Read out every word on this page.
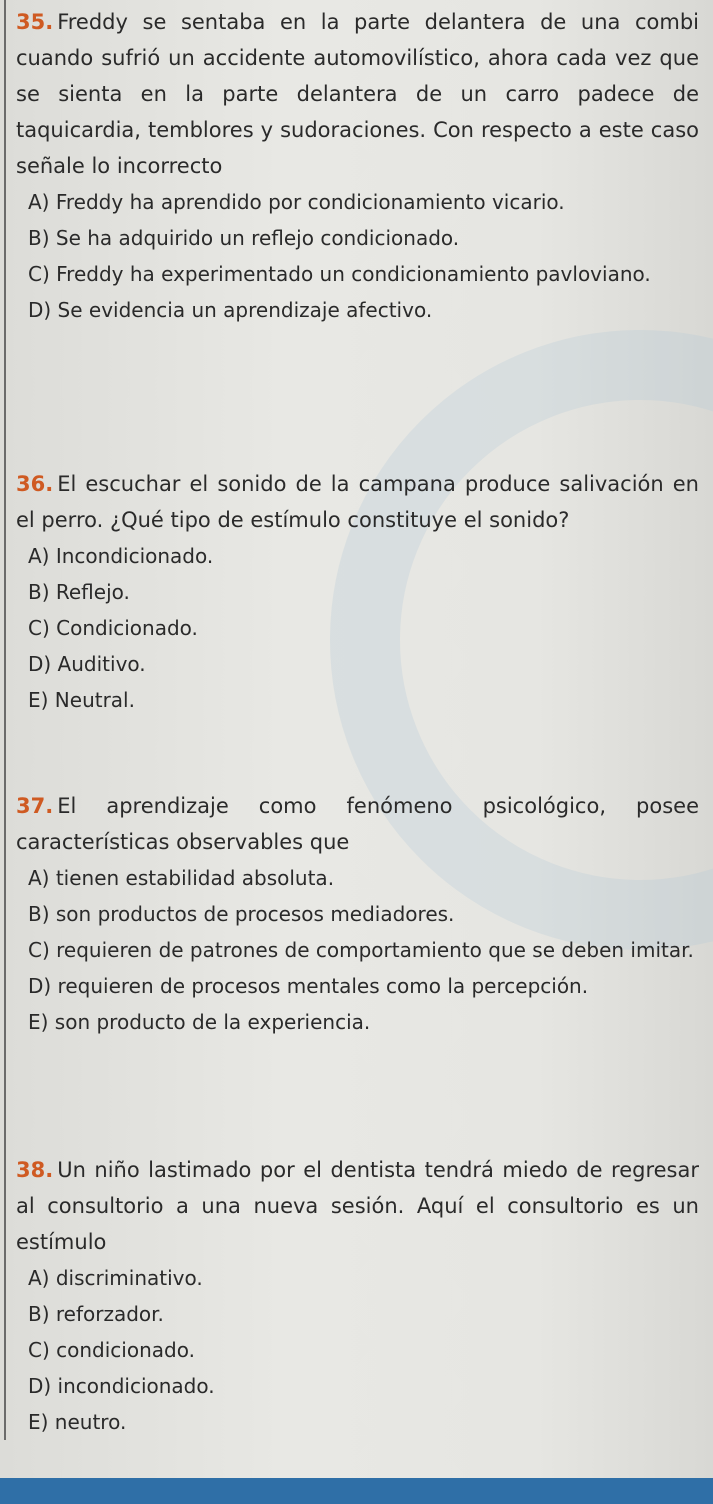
35. Freddy se sentaba en la parte delantera de una combi cuando sufrió un accidente automovilístico, ahora cada vez que se sienta en la parte delantera de un carro padece de taquicardia, temblores y sudoraciones. Con respecto a este caso señale lo incorrecto
A) Freddy ha aprendido por condicionamiento vicario.
B) Se ha adquirido un reflejo condicionado.
C) Freddy ha experimentado un condicionamiento pavloviano.
D) Se evidencia un aprendizaje afectivo.
36. El escuchar el sonido de la campana produce salivación en el perro. ¿Qué tipo de estímulo constituye el sonido?
A) Incondicionado.
B) Reflejo.
C) Condicionado.
D) Auditivo.
E) Neutral.
37. El aprendizaje como fenómeno psicológico, posee características observables que
A) tienen estabilidad absoluta.
B) son productos de procesos mediadores.
C) requieren de patrones de comportamiento que se deben imitar.
D) requieren de procesos mentales como la percepción.
E) son producto de la experiencia.
38. Un niño lastimado por el dentista tendrá miedo de regresar al consultorio a una nueva sesión. Aquí el consultorio es un estímulo
A) discriminativo.
B) reforzador.
C) condicionado.
D) incondicionado.
E) neutro.
